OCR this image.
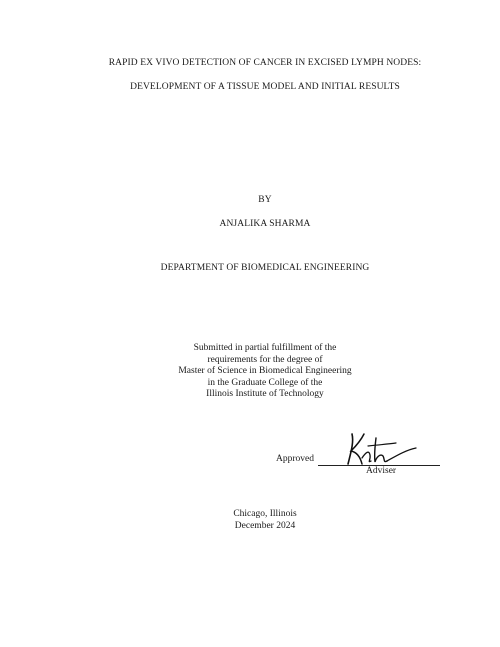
RAPID EX VIVO DETECTION OF CANCER IN EXCISED LYMPH NODES:
DEVELOPMENT OF A TISSUE MODEL AND INITIAL RESULTS
BY
ANJALIKA SHARMA
DEPARTMENT OF BIOMEDICAL ENGINEERING
Submitted in partial fulfillment of the
requirements for the degree of
Master of Science in Biomedical Engineering
in the Graduate College of the
Illinois Institute of Technology
Approved
Adviser
Chicago, Illinois
December 2024
